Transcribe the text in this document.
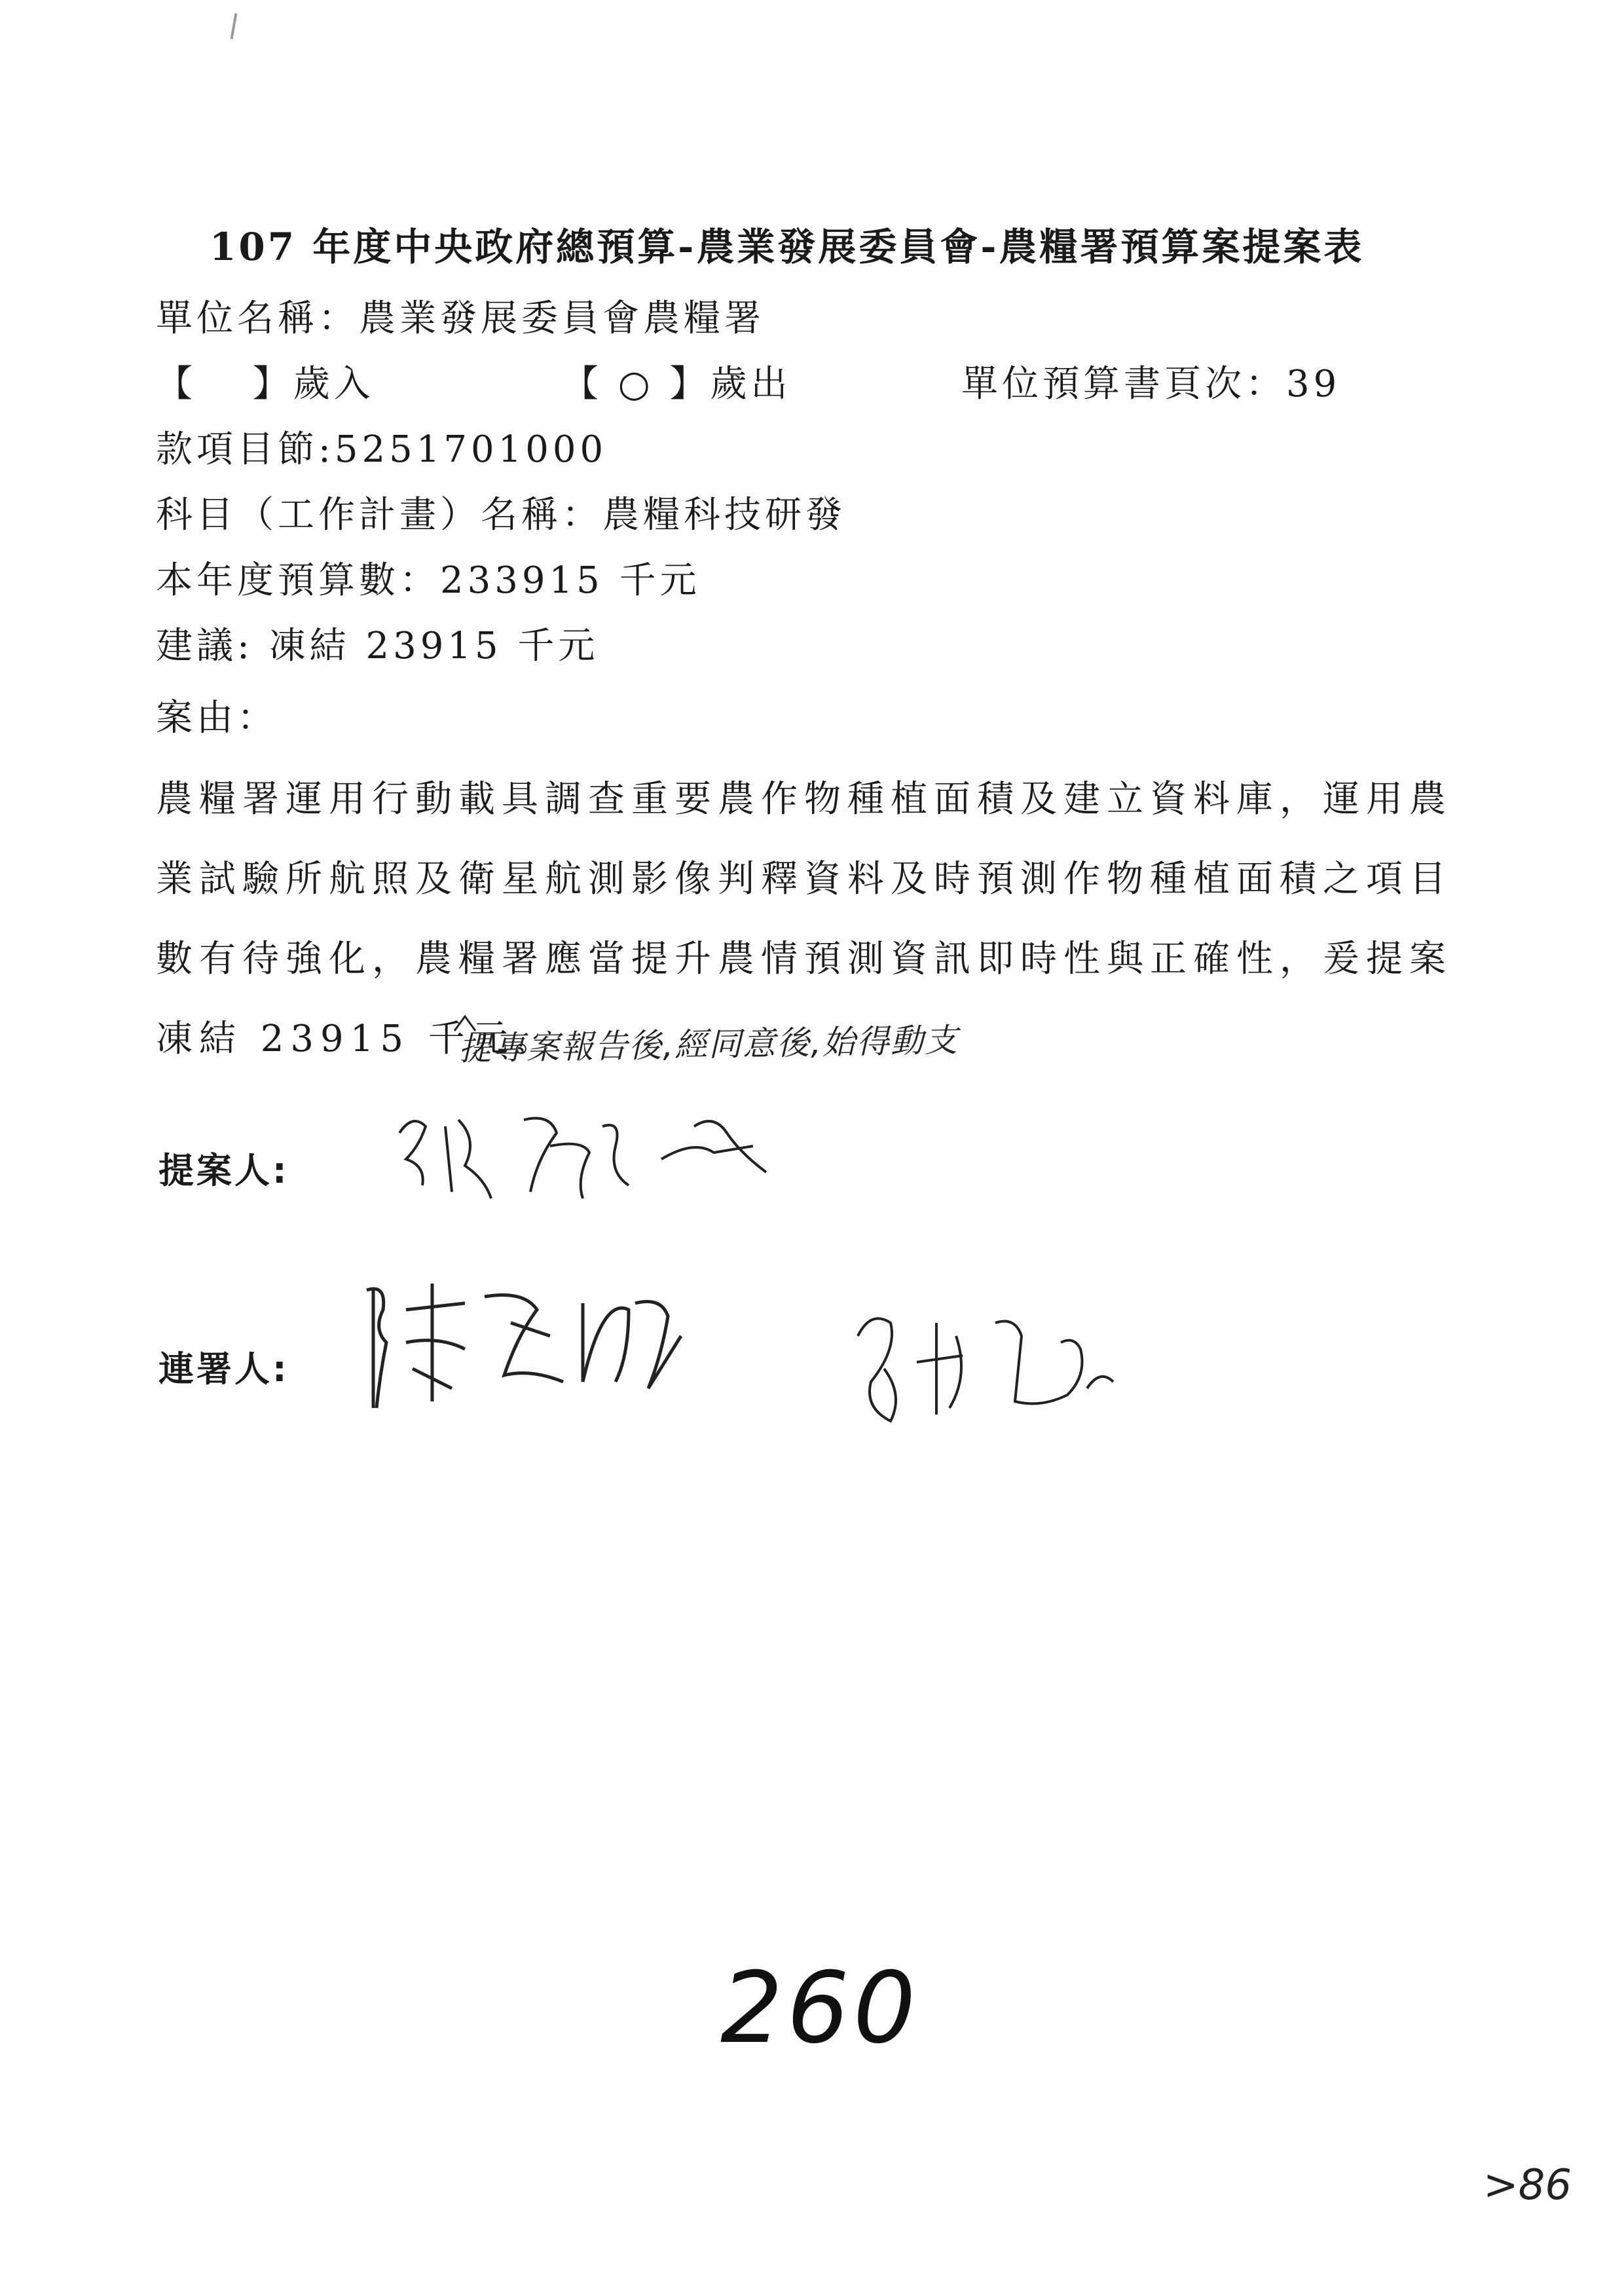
107 年度中央政府總預算-農業發展委員會-農糧署預算案提案表
單位名稱：農業發展委員會農糧署
【　 】歲入	【 ○ 】歲出	單位預算書頁次：39
款項目節:5251701000
科目（工作計畫）名稱：農糧科技研發
本年度預算數：233915 千元
建議: 凍結 23915 千元
案由：
農糧署運用行動載具調查重要農作物種植面積及建立資料庫，運用農業試驗所航照及衛星航測影像判釋資料及時預測作物種植面積之項目數有待強化，農糧署應當提升農情預測資訊即時性與正確性，爰提案凍結 23915 千元。
提專案報告後,經同意後,始得動支
提案人:
連署人:
260
>86
